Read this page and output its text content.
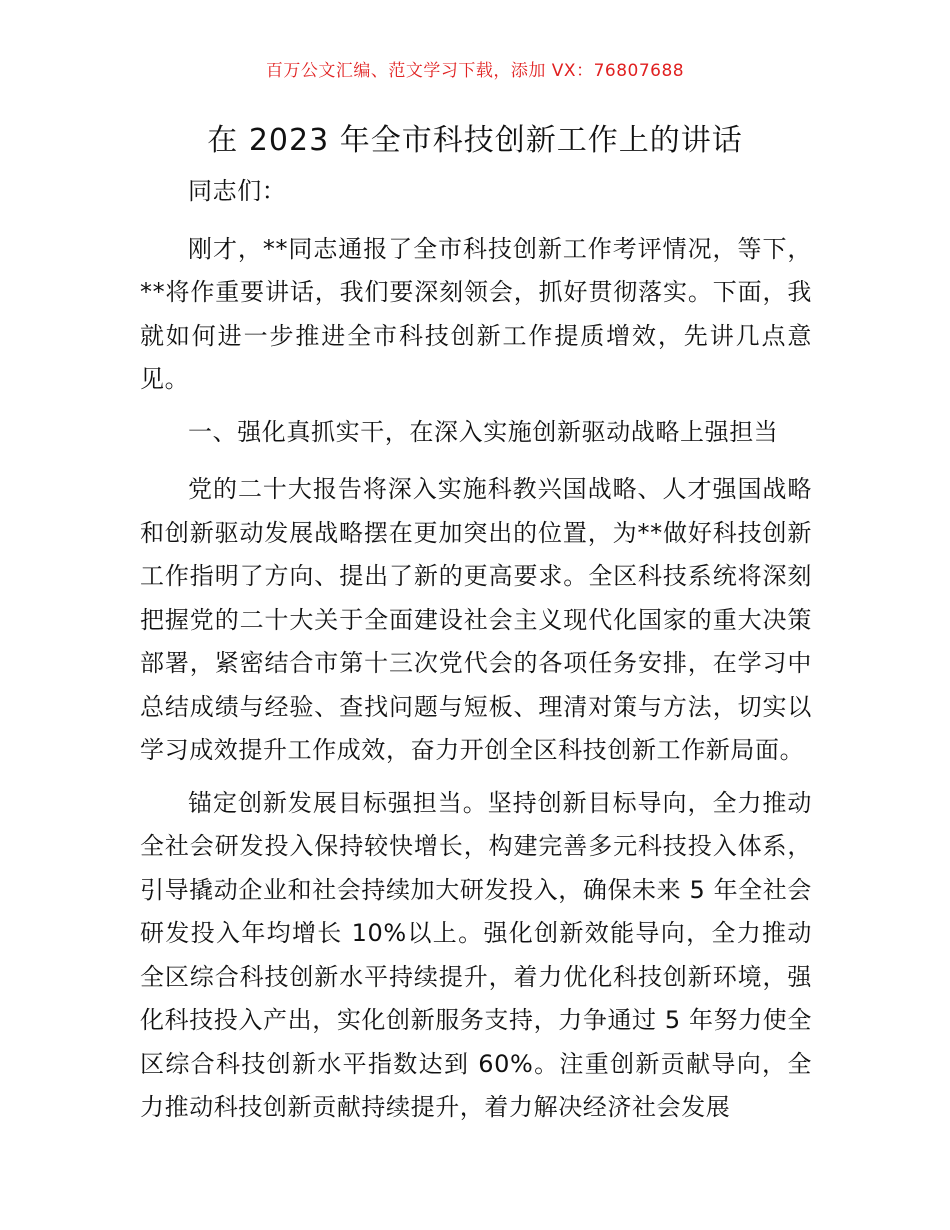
百万公文汇编、范文学习下载，添加 VX：76807688
在 2023 年全市科技创新工作上的讲话

同志们：

刚才，**同志通报了全市科技创新工作考评情况，等下，**将作重要讲话，我们要深刻领会，抓好贯彻落实。下面，我就如何进一步推进全市科技创新工作提质增效，先讲几点意见。

一、强化真抓实干，在深入实施创新驱动战略上强担当

党的二十大报告将深入实施科教兴国战略、人才强国战略和创新驱动发展战略摆在更加突出的位置，为**做好科技创新工作指明了方向、提出了新的更高要求。全区科技系统将深刻把握党的二十大关于全面建设社会主义现代化国家的重大决策部署，紧密结合市第十三次党代会的各项任务安排，在学习中总结成绩与经验、查找问题与短板、理清对策与方法，切实以学习成效提升工作成效，奋力开创全区科技创新工作新局面。

锚定创新发展目标强担当。坚持创新目标导向，全力推动全社会研发投入保持较快增长，构建完善多元科技投入体系，引导撬动企业和社会持续加大研发投入，确保未来 5 年全社会研发投入年均增长 10%以上。强化创新效能导向，全力推动全区综合科技创新水平持续提升，着力优化科技创新环境，强化科技投入产出，实化创新服务支持，力争通过 5 年努力使全区综合科技创新水平指数达到 60%。注重创新贡献导向，全力推动科技创新贡献持续提升，着力解决经济社会发展
